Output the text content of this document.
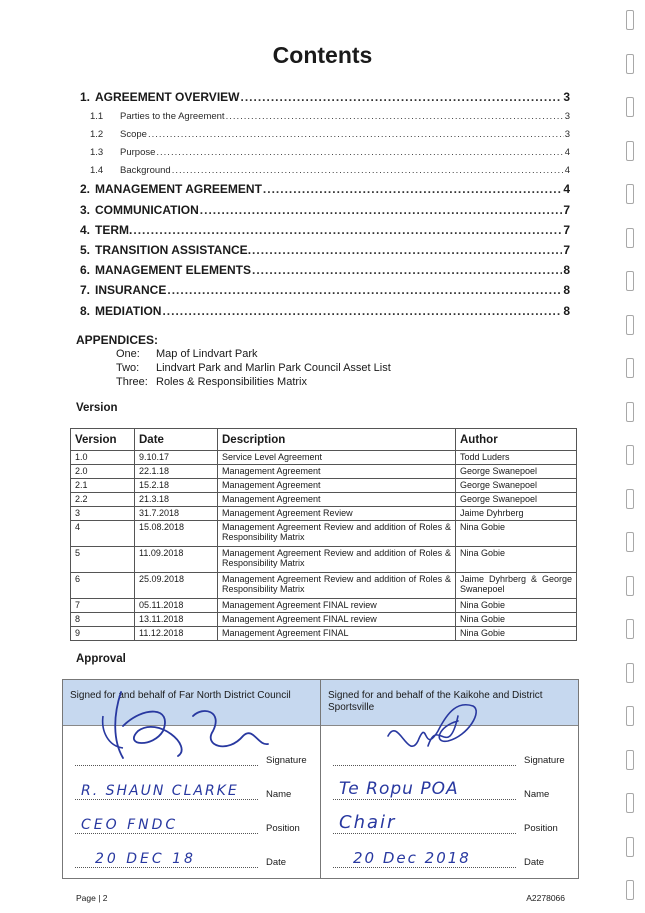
Contents
1. AGREEMENT OVERVIEW .....	3
1.1	Parties to the Agreement .....	3
1.2	Scope .....	3
1.3	Purpose .....	4
1.4	Background .....	4
2. MANAGEMENT AGREEMENT .....	4
3. COMMUNICATION .....	7
4. TERM. .....	7
5. TRANSITION ASSISTANCE. .....	7
6. MANAGEMENT ELEMENTS .....	8
7. INSURANCE .....	8
8. MEDIATION .....	8
APPENDICES:
One:	Map of Lindvart Park
Two:	Lindvart Park and Marlin Park Council Asset List
Three: Roles & Responsibilities Matrix
Version
Version	Date	Description	Author
1.0	9.10.17	Service Level Agreement	Todd Luders
2.0	22.1.18	Management Agreement	George Swanepoel
2.1	15.2.18	Management Agreement	George Swanepoel
2.2	21.3.18	Management Agreement	George Swanepoel
3	31.7.2018	Management Agreement Review	Jaime Dyhrberg
4	15.08.2018	Management Agreement Review and addition of Roles & Responsibility Matrix	Nina Gobie
5	11.09.2018	Management Agreement Review and addition of Roles & Responsibility Matrix	Nina Gobie
6	25.09.2018	Management Agreement Review and addition of Roles & Responsibility Matrix	Jaime Dyhrberg & George Swanepoel
7	05.11.2018	Management Agreement FINAL review	Nina Gobie
8	13.11.2018	Management Agreement FINAL review	Nina Gobie
9	11.12.2018	Management Agreement FINAL	Nina Gobie
Approval
Signed for and behalf of Far North District Council
Signature
R. SHAUN CLARKE	Name
CEO FNDC	Position
20 DEC 18	Date
Signed for and behalf of the Kaikohe and District Sportsville
Signature
Te Ropu POA	Name
Chair	Position
20 Dec 2018	Date
Page | 2	A2278066
